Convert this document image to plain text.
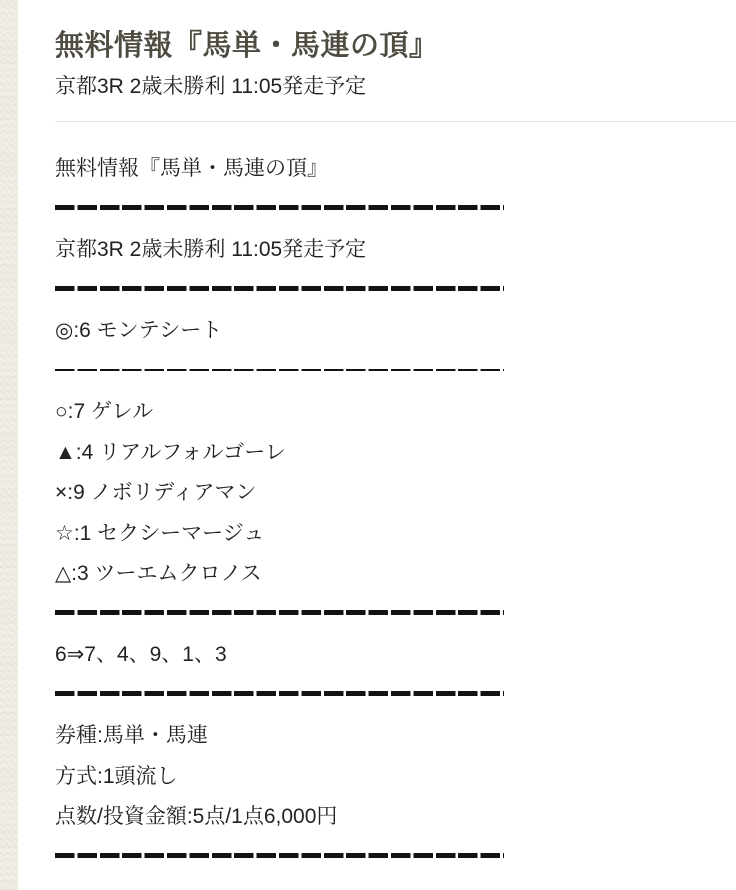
無料情報『馬単・馬連の頂』
京都3R 2歳未勝利 11:05発走予定
無料情報『馬単・馬連の頂』
京都3R 2歳未勝利 11:05発走予定
◎:6 モンテシート
○:7 ゲレル
▲:4 リアルフォルゴーレ
×:9 ノボリディアマン
☆:1 セクシーマージュ
△:3 ツーエムクロノス
6⇒7、4、9、1、3
券種:馬単・馬連
方式:1頭流し
点数/投資金額:5点/1点6,000円
